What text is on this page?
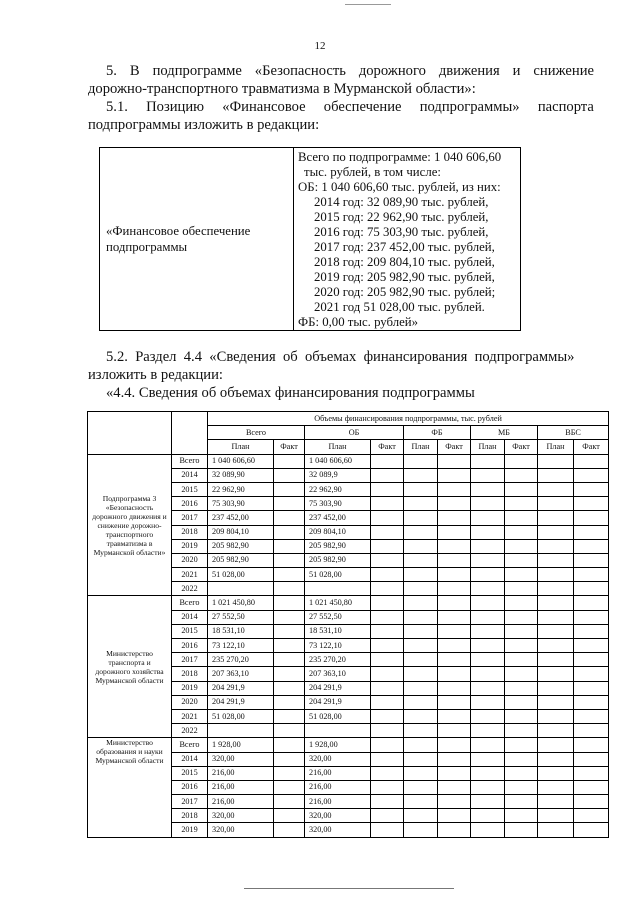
12

5. В подпрограмме «Безопасность дорожного движения и снижение

дорожно-транспортного травматизма в Мурманской области»:

5.1.     Позицию     «Финансовое     обеспечение     подпрограммы»     паспорта

подпрограммы изложить в редакции:

«Финансовое обеспечение подпрограммы	
Всего по подпрограмме: 1 040 606,60
тыс. рублей, в том числе:
ОБ: 1 040 606,60 тыс. рублей, из них:
2014 год: 32 089,90 тыс. рублей,
2015 год: 22 962,90 тыс. рублей,
2016 год: 75 303,90 тыс. рублей,
2017 год: 237 452,00 тыс. рублей,
2018 год: 209 804,10 тыс. рублей,
2019 год: 205 982,90 тыс. рублей,
2020 год: 205 982,90 тыс. рублей;
2021 год 51 028,00 тыс. рублей.
ФБ: 0,00 тыс. рублей»

5.2.  Раздел  4.4  «Сведения  об  объемах  финансирования  подпрограммы»

изложить в редакции:

«4.4. Сведения об объемах финансирования подпрограммы

		Объемы финансирования подпрограммы, тыс. рублей									
		Всего		ОБ		ФБ		МБ		ВБС	
		План	Факт	План	Факт	План	Факт	План	Факт	План	Факт
Подпрограмма 3 «Безопасность дорожного движения и снижение дорожно-транспортного травматизма в Мурманской области»	Всего	1 040 606,60		1 040 606,60							
	2014	32 089,90		32 089,9							
	2015	22 962,90		22 962,90							
	2016	75 303,90		75 303,90							
	2017	237 452,00		237 452,00							
	2018	209 804,10		209 804,10							
	2019	205 982,90		205 982,90							
	2020	205 982,90		205 982,90							
	2021	51 028,00		51 028,00							
	2022										
Министерство транспорта и дорожного хозяйства Мурманской области	Всего	1 021 450,80		1 021 450,80							
	2014	27 552,50		27 552,50							
	2015	18 531,10		18 531,10							
	2016	73 122,10		73 122,10							
	2017	235 270,20		235 270,20							
	2018	207 363,10		207 363,10							
	2019	204 291,9		204 291,9							
	2020	204 291,9		204 291,9							
	2021	51 028,00		51 028,00							
	2022										
Министерство образования и науки Мурманской области	Всего	1 928,00		1 928,00							
	2014	320,00		320,00							
	2015	216,00		216,00							
	2016	216,00		216,00							
	2017	216,00		216,00							
	2018	320,00		320,00							
	2019	320,00		320,00							
